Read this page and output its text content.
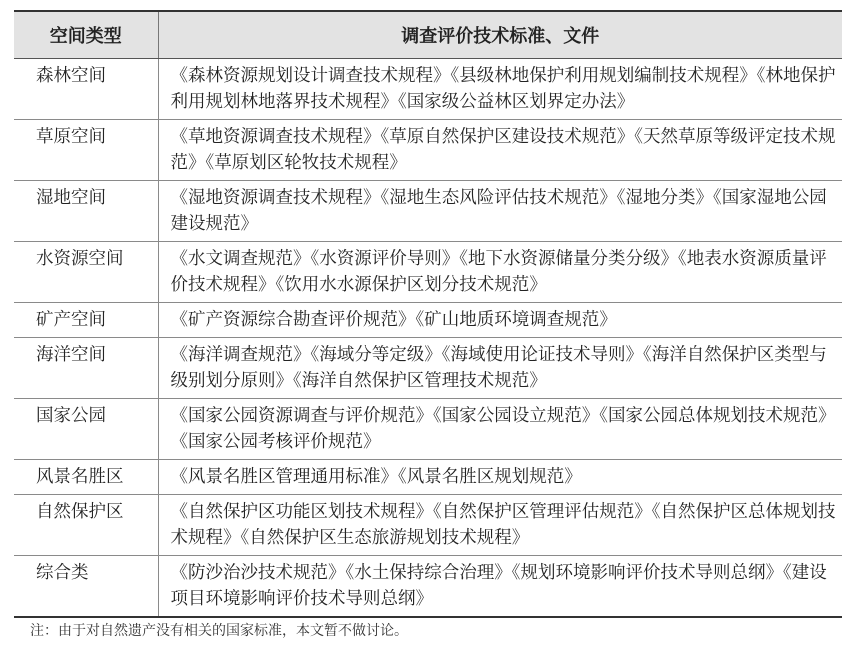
空间类型	调查评价技术标准、文件
森林空间	《森林资源规划设计调查技术规程》《县级林地保护利用规划编制技术规程》《林地保护利用规划林地落界技术规程》《国家级公益林区划界定办法》
草原空间	《草地资源调查技术规程》《草原自然保护区建设技术规范》《天然草原等级评定技术规范》《草原划区轮牧技术规程》
湿地空间	《湿地资源调查技术规程》《湿地生态风险评估技术规范》《湿地分类》《国家湿地公园建设规范》
水资源空间	《水文调查规范》《水资源评价导则》《地下水资源储量分类分级》《地表水资源质量评价技术规程》《饮用水水源保护区划分技术规范》
矿产空间	《矿产资源综合勘查评价规范》《矿山地质环境调查规范》
海洋空间	《海洋调查规范》《海域分等定级》《海域使用论证技术导则》《海洋自然保护区类型与级别划分原则》《海洋自然保护区管理技术规范》
国家公园	《国家公园资源调查与评价规范》《国家公园设立规范》《国家公园总体规划技术规范》《国家公园考核评价规范》
风景名胜区	《风景名胜区管理通用标准》《风景名胜区规划规范》
自然保护区	《自然保护区功能区划技术规程》《自然保护区管理评估规范》《自然保护区总体规划技术规程》《自然保护区生态旅游规划技术规程》
综合类	《防沙治沙技术规范》《水土保持综合治理》《规划环境影响评价技术导则总纲》《建设项目环境影响评价技术导则总纲》
注：由于对自然遗产没有相关的国家标准，本文暂不做讨论。
